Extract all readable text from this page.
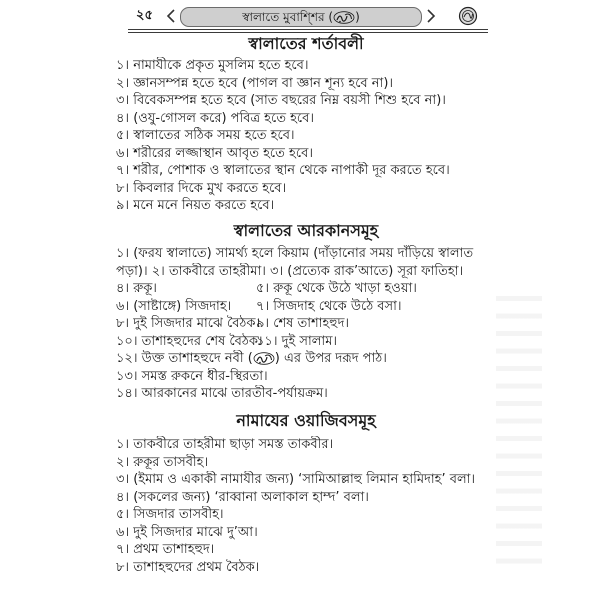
২৫	স্বালাতে মুবাশ্শির ( )
স্বালাতের শর্তাবলী
১। নামাযীকে প্রকৃত মুসলিম হতে হবে।
২। জ্ঞানসম্পন্ন হতে হবে (পাগল বা জ্ঞান শূন্য হবে না)।
৩। বিবেকসম্পন্ন হতে হবে (সাত বছরের নিম্ন বয়সী শিশু হবে না)।
৪। (ওযু-গোসল করে) পবিত্র হতে হবে।
৫। স্বালাতের সঠিক সময় হতে হবে।
৬। শরীরের লজ্জাস্থান আবৃত হতে হবে।
৭। শরীর, পোশাক ও স্বালাতের স্থান থেকে নাপাকী দূর করতে হবে।
৮। কিবলার দিকে মুখ করতে হবে।
৯। মনে মনে নিয়ত করতে হবে।
স্বালাতের আরকানসমূহ
১। (ফরয স্বালাতে) সামর্থ্য হলে কিয়াম (দাঁড়ানোর সময় দাঁড়িয়ে স্বালাত
পড়া)। ২। তাকবীরে তাহরীমা। ৩। (প্রত্যেক রাক’আতে) সূরা ফাতিহা।
৪। রুকূ।	৫। রুকূ থেকে উঠে খাড়া হওয়া।
৬। (সাষ্টাঙ্গে) সিজদাহ। ৭। সিজদাহ থেকে উঠে বসা।
৮। দুই সিজদার মাঝে বৈঠক।
৯। শেষ তাশাহহুদ।
১০। তাশাহহুদের শেষ বৈঠক।
১১। দুই সালাম।
১২। উক্ত তাশাহহুদে নবী ( ) এর উপর দরূদ পাঠ।
১৩। সমস্ত রুকনে ধীর-স্থিরতা।
১৪। আরকানের মাঝে তারতীব-পর্যায়ক্রম।
নামাযের ওয়াজিবসমূহ
১। তাকবীরে তাহরীমা ছাড়া সমস্ত তাকবীর।
২। রুকূর তাসবীহ।
৩। (ইমাম ও একাকী নামাযীর জন্য) ‘সামিআল্লাহু লিমান হামিদাহ’ বলা।
৪। (সকলের জন্য) ‘রাব্বানা অলাকাল হাম্দ’ বলা।
৫। সিজদার তাসবীহ।
৬। দুই সিজদার মাঝে দু’আ।
৭। প্রথম তাশাহহুদ।
৮। তাশাহহুদের প্রথম বৈঠক।
